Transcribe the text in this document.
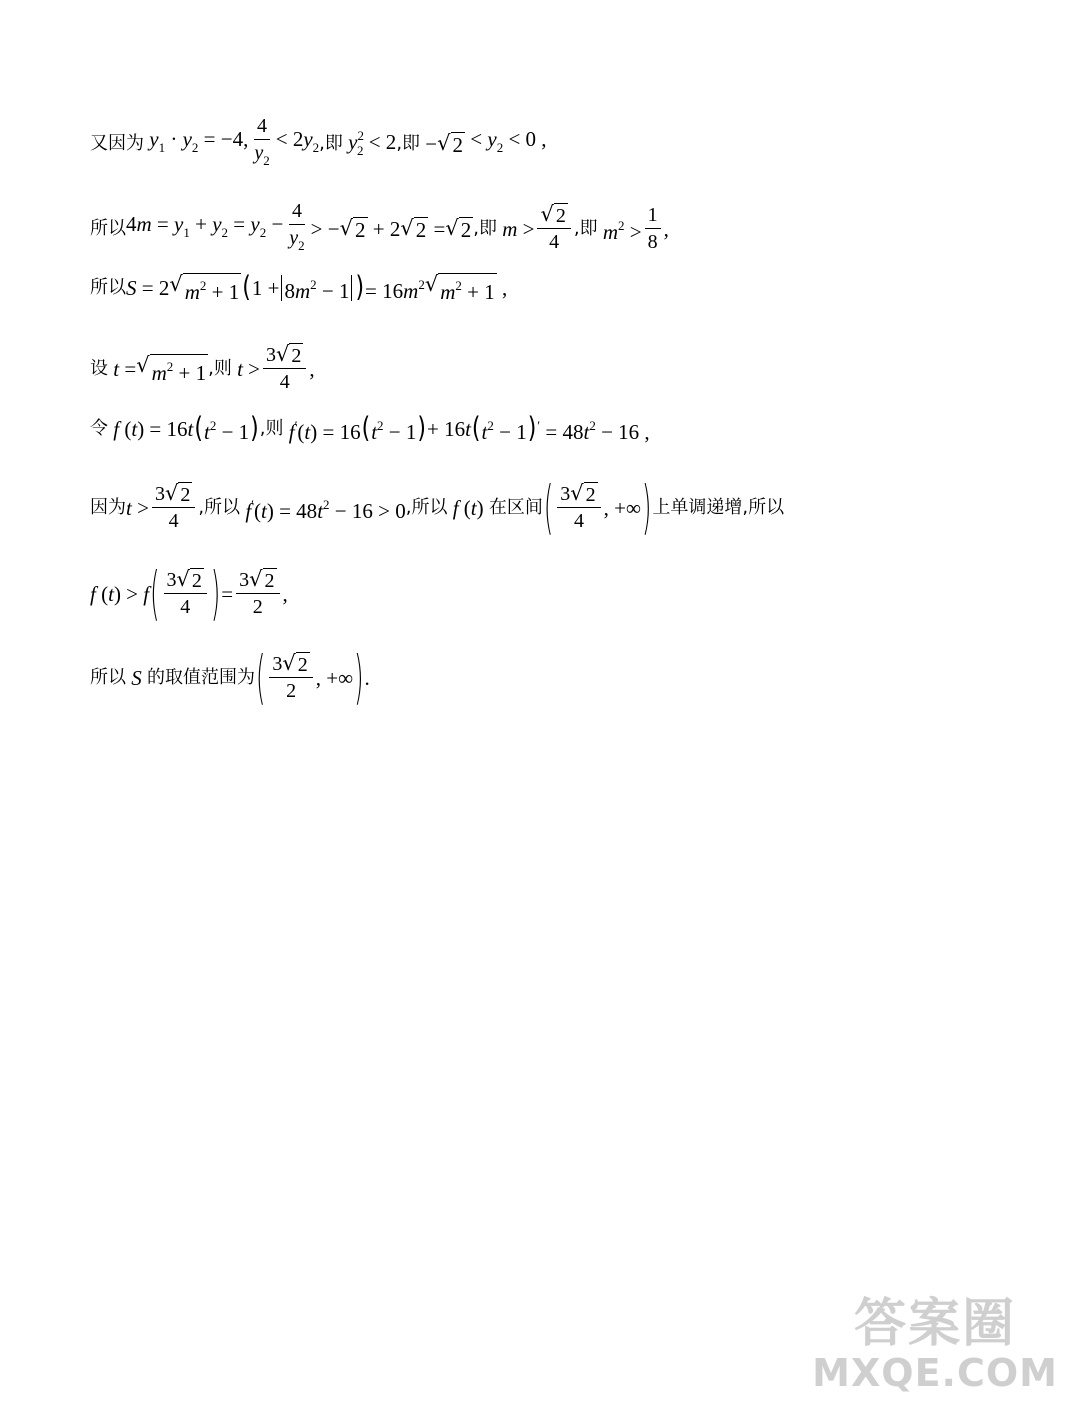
又因为 $y_1 \cdot y_2 = -4$, $\frac{4}{y_2} < 2y_2$ ,即 $y^2_2 < 2$ ,即 − √ $2 < y_2 < 0$ ,
所以 $4m = y_1 + y_2 = y_2 - \frac{4}{y_2}$ > − √ 2 + 2 √ 2 = √ 2 ,即 $m > \frac{√ 2}{4}$ ,即 $m^2 > \frac{1}{8}$ ,
所以 S = 2 √ $m^2 + 1$ ( $1 + 8m^2 - 1$ ) = $16m^2$ √ $m^2 + 1$ ,
设 t = √ $m^2 + 1$ ,则 $t > \frac{3 √ 2}{4}$ ,
令 f (t) = 16t ( $t^2 - 1$ ) ,则 f′(t) = 16 ( $t^2 - 1$ ) + 16t ( $t^2 - 1$ ) $' = 48t^2 - 16$ ,
因为 $t > \frac{3 √ 2}{4}$ ,所以 $f'(t) = 48t^2 - 16 > 0$ ,所以 f (t) 在区间 ( $\frac{3 √ 2}{4}$ , +∞ ) 上单调递增,所以
f (t) > f ( $\frac{3 √ 2}{4}$ ) = $\frac{3 √ 2}{2}$ ,
所以 S 的取值范围为 ( $\frac{3 √ 2}{2}$ , +∞ ) .
答案圈
MXQE.COM
